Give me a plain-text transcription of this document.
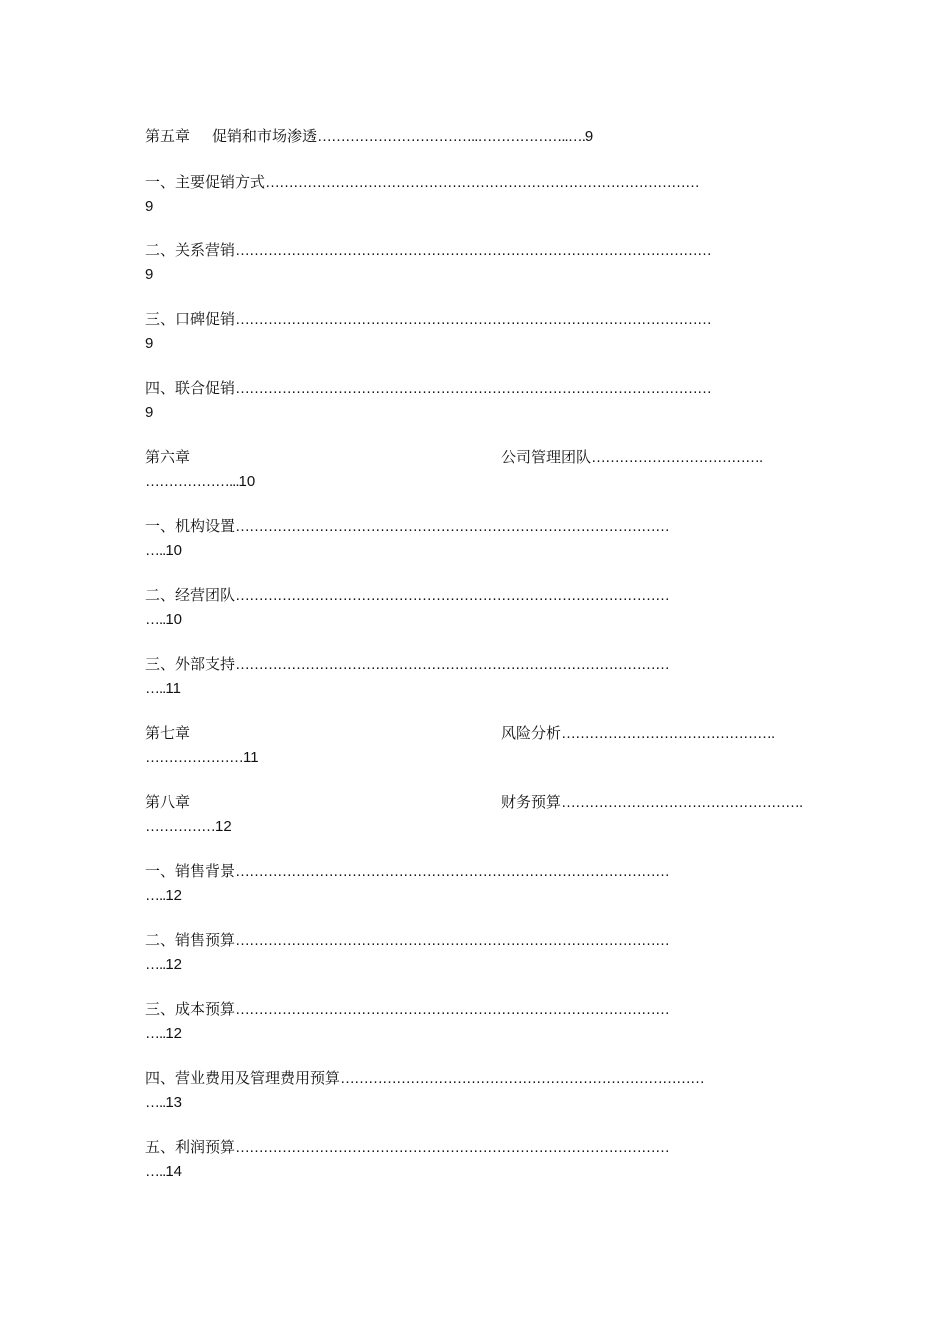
第五章 促销和市场渗透……………………………..………………..….9
一、主要促销方式…………………………………………………………………………………
9
二、关系营销…………………………………………………………………………………………
9
三、口碑促销…………………………………………………………………………………………
9
四、联合促销…………………………………………………………………………………………
9
第六章	公司管理团队……………………………….
………………...10
一、机构设置…………………………………………………………………………………
…..10
二、经营团队…………………………………………………………………………………
…..10
三、外部支持…………………………………………………………………………………
…..11
第七章	风险分析……………………………………….
…………………11
第八章	财务预算…………………………………………….
……………12
一、销售背景…………………………………………………………………………………
…..12
二、销售预算…………………………………………………………………………………
…..12
三、成本预算…………………………………………………………………………………
…..12
四、营业费用及管理费用预算……………………………………………………………………
…..13
五、利润预算…………………………………………………………………………………
…..14
